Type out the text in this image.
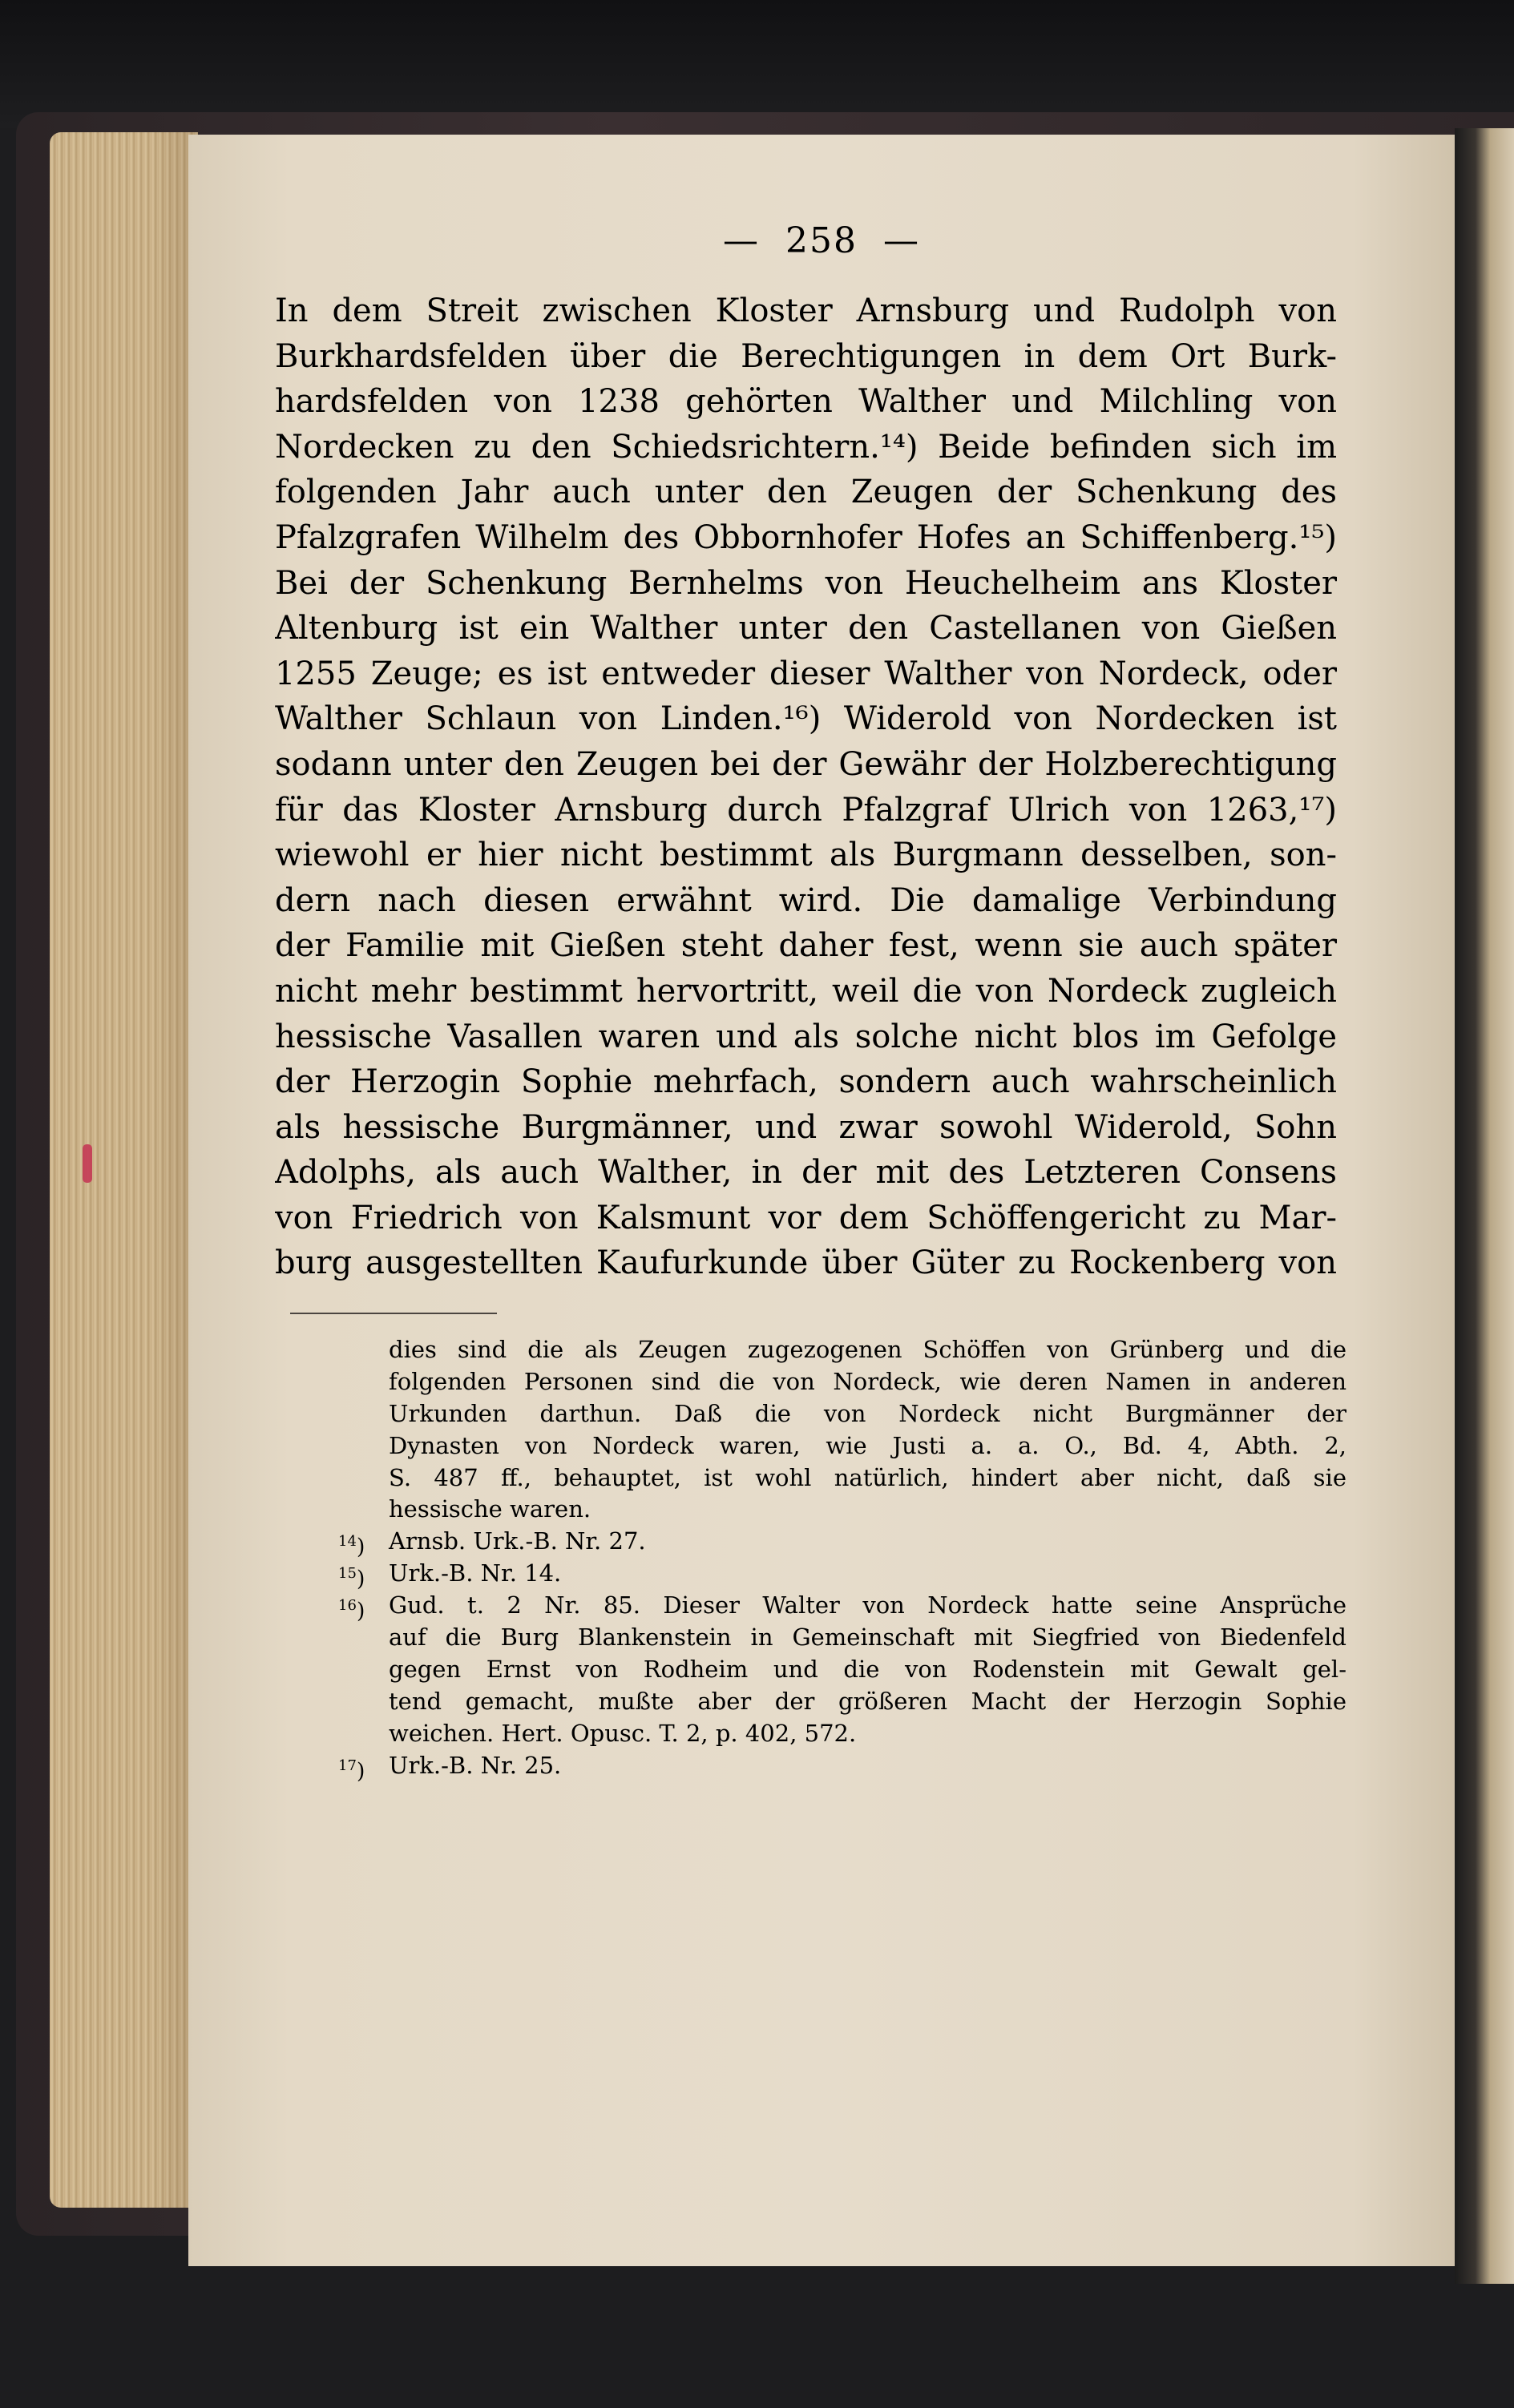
— 258 —
In dem Streit zwischen Kloster Arnsburg und Rudolph von
Burkhardsfelden über die Berechtigungen in dem Ort Burk-
hardsfelden von 1238 gehörten Walther und Milchling von
Nordecken zu den Schiedsrichtern.¹⁴) Beide befinden sich im
folgenden Jahr auch unter den Zeugen der Schenkung des
Pfalzgrafen Wilhelm des Obbornhofer Hofes an Schiffenberg.¹⁵)
Bei der Schenkung Bernhelms von Heuchelheim ans Kloster
Altenburg ist ein Walther unter den Castellanen von Gießen
1255 Zeuge; es ist entweder dieser Walther von Nordeck, oder
Walther Schlaun von Linden.¹⁶) Widerold von Nordecken ist
sodann unter den Zeugen bei der Gewähr der Holzberechtigung
für das Kloster Arnsburg durch Pfalzgraf Ulrich von 1263,¹⁷)
wiewohl er hier nicht bestimmt als Burgmann desselben, son-
dern nach diesen erwähnt wird. Die damalige Verbindung
der Familie mit Gießen steht daher fest, wenn sie auch später
nicht mehr bestimmt hervortritt, weil die von Nordeck zugleich
hessische Vasallen waren und als solche nicht blos im Gefolge
der Herzogin Sophie mehrfach, sondern auch wahrscheinlich
als hessische Burgmänner, und zwar sowohl Widerold, Sohn
Adolphs, als auch Walther, in der mit des Letzteren Consens
von Friedrich von Kalsmunt vor dem Schöffengericht zu Mar-
burg ausgestellten Kaufurkunde über Güter zu Rockenberg von
dies sind die als Zeugen zugezogenen Schöffen von Grünberg und die
folgenden Personen sind die von Nordeck, wie deren Namen in anderen
Urkunden darthun. Daß die von Nordeck nicht Burgmänner der
Dynasten von Nordeck waren, wie Justi a. a. O., Bd. 4, Abth. 2,
S. 487 ff., behauptet, ist wohl natürlich, hindert aber nicht, daß sie
hessische waren.
$^{14}$) Arnsb. Urk.-B. Nr. 27.
$^{15}$) Urk.-B. Nr. 14.
$^{16}$) Gud. t. 2 Nr. 85. Dieser Walter von Nordeck hatte seine Ansprüche
auf die Burg Blankenstein in Gemeinschaft mit Siegfried von Biedenfeld
gegen Ernst von Rodheim und die von Rodenstein mit Gewalt gel-
tend gemacht, mußte aber der größeren Macht der Herzogin Sophie
weichen. Hert. Opusc. T. 2, p. 402, 572.
$^{17}$) Urk.-B. Nr. 25.
